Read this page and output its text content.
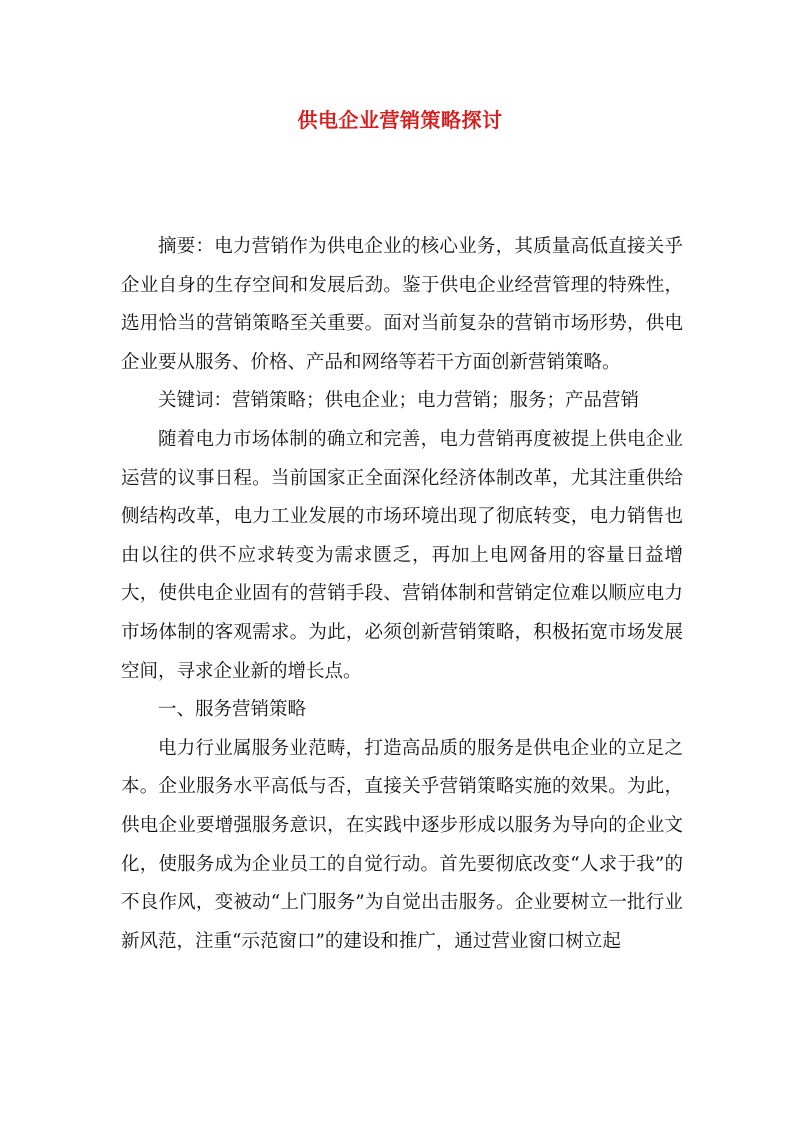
供电企业营销策略探讨

摘要：电力营销作为供电企业的核心业务，其质量高低直接关乎企业自身的生存空间和发展后劲。鉴于供电企业经营管理的特殊性，选用恰当的营销策略至关重要。面对当前复杂的营销市场形势，供电企业要从服务、价格、产品和网络等若干方面创新营销策略。

关键词：营销策略；供电企业；电力营销；服务；产品营销

随着电力市场体制的确立和完善，电力营销再度被提上供电企业运营的议事日程。当前国家正全面深化经济体制改革，尤其注重供给侧结构改革，电力工业发展的市场环境出现了彻底转变，电力销售也由以往的供不应求转变为需求匮乏，再加上电网备用的容量日益增大，使供电企业固有的营销手段、营销体制和营销定位难以顺应电力市场体制的客观需求。为此，必须创新营销策略，积极拓宽市场发展空间，寻求企业新的增长点。

一、服务营销策略

电力行业属服务业范畴，打造高品质的服务是供电企业的立足之本。企业服务水平高低与否，直接关乎营销策略实施的效果。为此，供电企业要增强服务意识，在实践中逐步形成以服务为导向的企业文化，使服务成为企业员工的自觉行动。首先要彻底改变“人求于我”的不良作风，变被动“上门服务”为自觉出击服务。企业要树立一批行业新风范，注重“示范窗口”的建设和推广，通过营业窗口树立起
